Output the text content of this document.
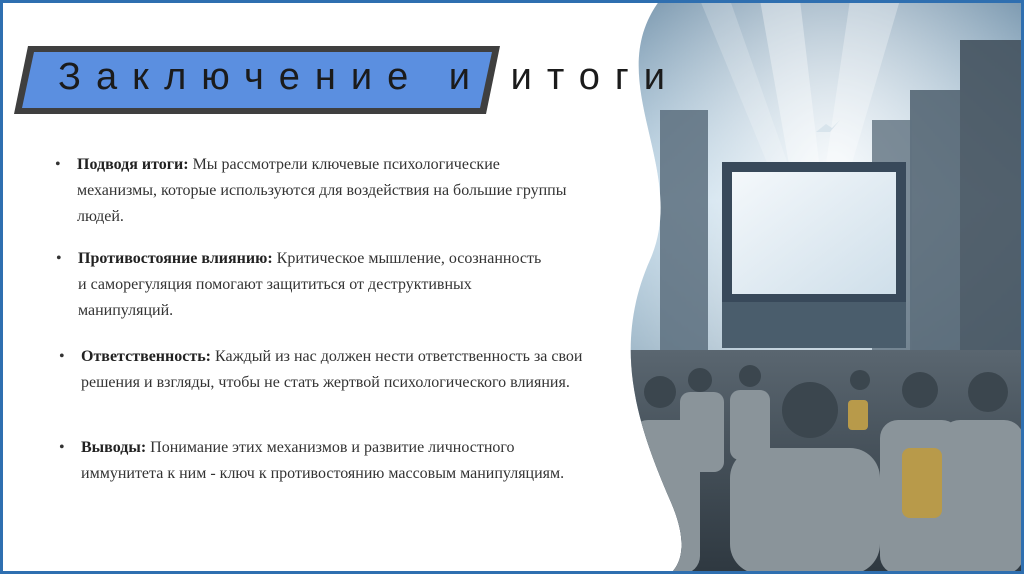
Заключение и итоги
• Подводя итоги: Мы рассмотрели ключевые психологические механизмы, которые используются для воздействия на большие группы людей.
• Противостояние влиянию: Критическое мышление, осознанность и саморегуляция помогают защититься от деструктивных манипуляций.
• Ответственность: Каждый из нас должен нести ответственность за свои решения и взгляды, чтобы не стать жертвой психологического влияния.
• Выводы: Понимание этих механизмов и развитие личностного иммунитета к ним - ключ к противостоянию массовым манипуляциям.
